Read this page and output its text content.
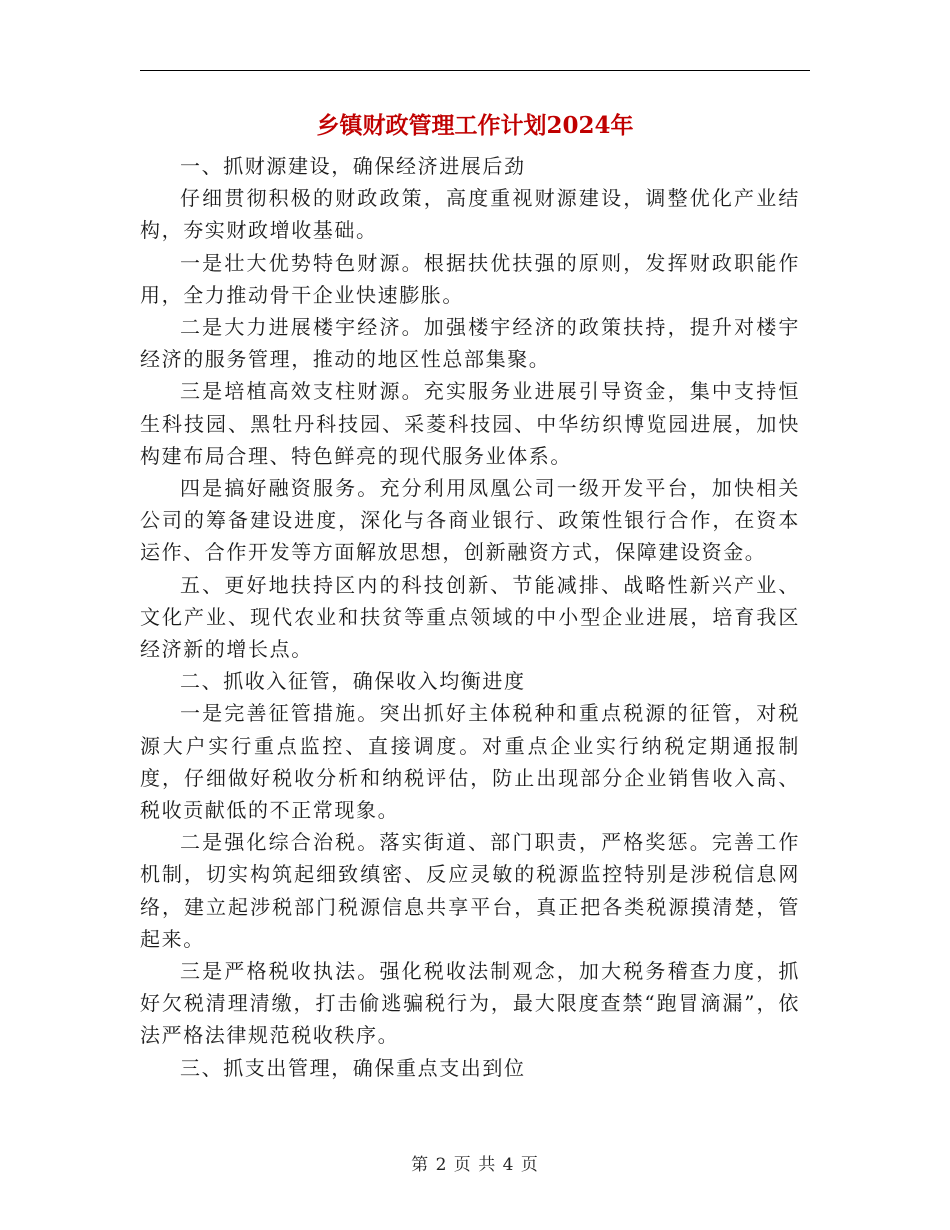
乡镇财政管理工作计划2024年

一、抓财源建设，确保经济进展后劲

仔细贯彻积极的财政政策，高度重视财源建设，调整优化产业结构，夯实财政增收基础。

一是壮大优势特色财源。根据扶优扶强的原则，发挥财政职能作用，全力推动骨干企业快速膨胀。

二是大力进展楼宇经济。加强楼宇经济的政策扶持，提升对楼宇经济的服务管理，推动的地区性总部集聚。

三是培植高效支柱财源。充实服务业进展引导资金，集中支持恒生科技园、黑牡丹科技园、采菱科技园、中华纺织博览园进展，加快构建布局合理、特色鲜亮的现代服务业体系。

四是搞好融资服务。充分利用凤凰公司一级开发平台，加快相关公司的筹备建设进度，深化与各商业银行、政策性银行合作，在资本运作、合作开发等方面解放思想，创新融资方式，保障建设资金。

五、更好地扶持区内的科技创新、节能减排、战略性新兴产业、文化产业、现代农业和扶贫等重点领域的中小型企业进展，培育我区经济新的增长点。

二、抓收入征管，确保收入均衡进度

一是完善征管措施。突出抓好主体税种和重点税源的征管，对税源大户实行重点监控、直接调度。对重点企业实行纳税定期通报制度，仔细做好税收分析和纳税评估，防止出现部分企业销售收入高、税收贡献低的不正常现象。

二是强化综合治税。落实街道、部门职责，严格奖惩。完善工作机制，切实构筑起细致缜密、反应灵敏的税源监控特别是涉税信息网络，建立起涉税部门税源信息共享平台，真正把各类税源摸清楚，管起来。

三是严格税收执法。强化税收法制观念，加大税务稽查力度，抓好欠税清理清缴，打击偷逃骗税行为，最大限度查禁“跑冒滴漏”，依法严格法律规范税收秩序。

三、抓支出管理，确保重点支出到位

第 2 页 共 4 页
